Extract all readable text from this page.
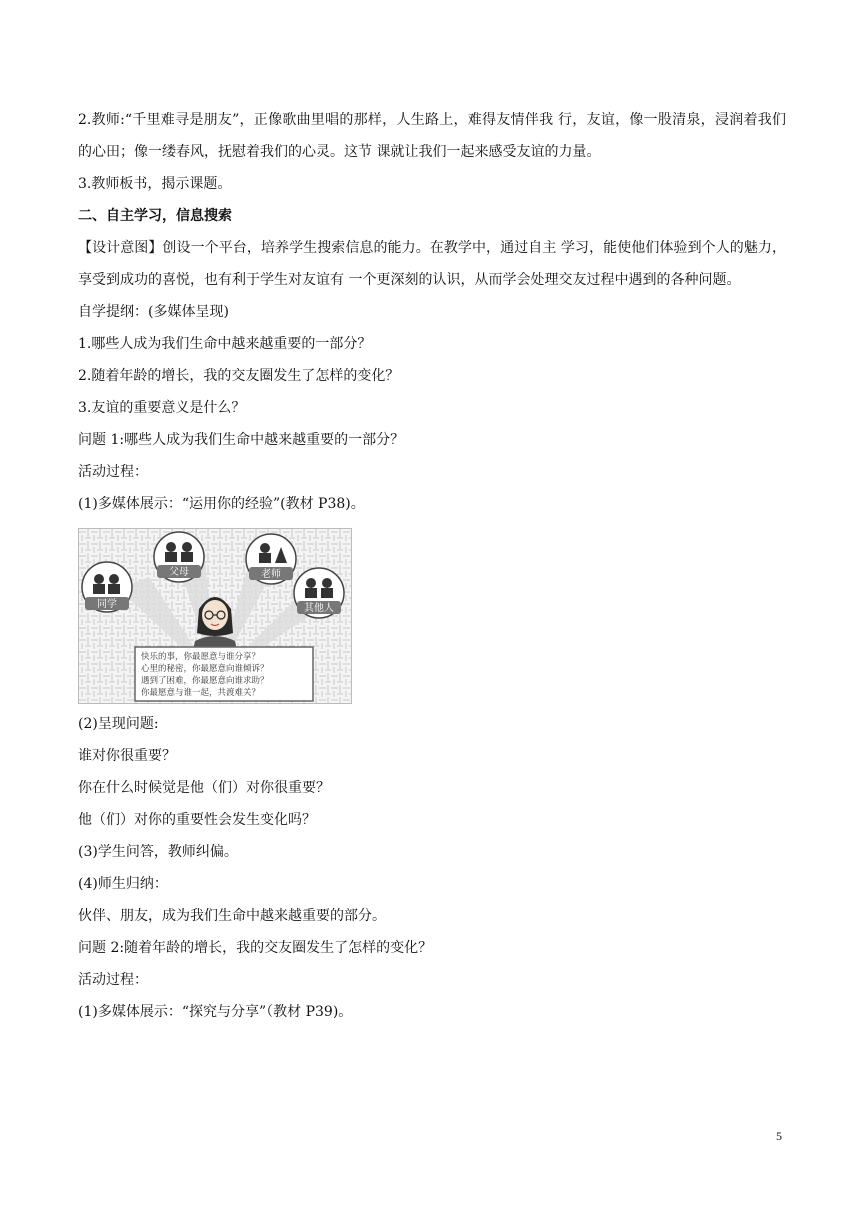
2.教师:“千里难寻是朋友”，正像歌曲里唱的那样，人生路上，难得友情伴我 行，友谊，像一股清泉，浸润着我们的心田；像一缕春风，抚慰着我们的心灵。这节 课就让我们一起来感受友谊的力量。

3.教师板书，揭示课题。

二、自主学习，信息搜索

【设计意图】创设一个平台，培养学生搜索信息的能力。在教学中，通过自主 学习，能使他们体验到个人的魅力，享受到成功的喜悦，也有利于学生对友谊有 一个更深刻的认识，从而学会处理交友过程中遇到的各种问题。

自学提纲：(多媒体呈现)

1.哪些人成为我们生命中越来越重要的一部分？

2.随着年龄的增长，我的交友圈发生了怎样的变化？

3.友谊的重要意义是什么？

问题 1:哪些人成为我们生命中越来越重要的一部分？

活动过程：

(1)多媒体展示：“运用你的经验”(教材 P38)。

同学
父母	老师
其他人
快乐的事，你最愿意与谁分享？
心里的秘密，你最愿意向谁倾诉？
遇到了困难，你最愿意向谁求助？
你最愿意与谁一起，共渡难关？

(2)呈现问题:

谁对你很重要？

你在什么时候觉是他（们）对你很重要？

他（们）对你的重要性会发生变化吗？

(3)学生问答，教师纠偏。

(4)师生归纳：

伙伴、朋友，成为我们生命中越来越重要的部分。

问题 2:随着年龄的增长，我的交友圈发生了怎样的变化？

活动过程：

(1)多媒体展示：“探究与分享”（教材 P39)。

5
